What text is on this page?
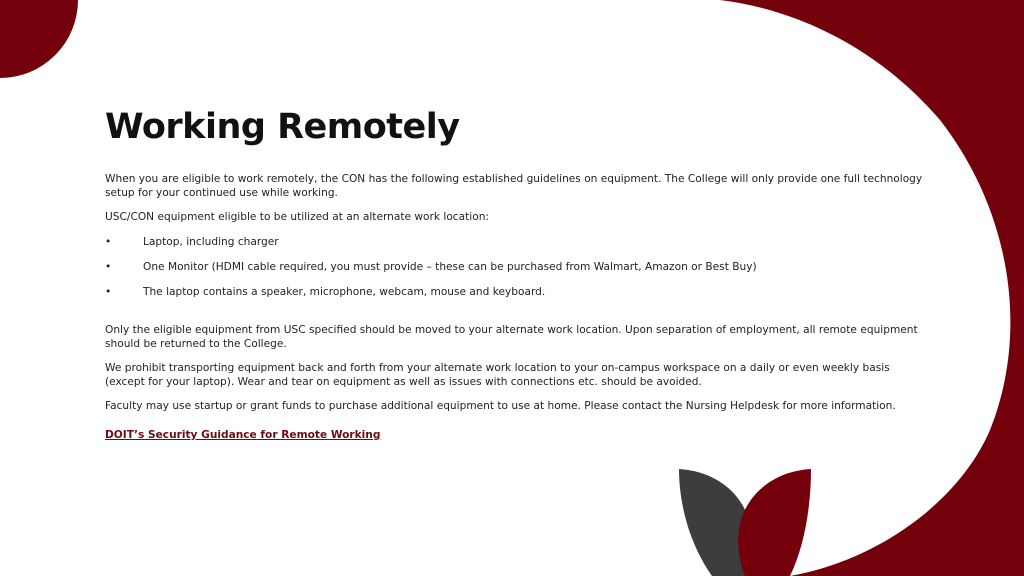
Working Remotely

When you are eligible to work remotely, the CON has the following established guidelines on equipment. The College will only provide one full technology setup for your continued use while working.

USC/CON equipment eligible to be utilized at an alternate work location:

•	Laptop, including charger
•	One Monitor (HDMI cable required, you must provide – these can be purchased from Walmart, Amazon or Best Buy)
•	The laptop contains a speaker, microphone, webcam, mouse and keyboard.

Only the eligible equipment from USC specified should be moved to your alternate work location. Upon separation of employment, all remote equipment should be returned to the College.

We prohibit transporting equipment back and forth from your alternate work location to your on-campus workspace on a daily or even weekly basis (except for your laptop). Wear and tear on equipment as well as issues with connections etc. should be avoided.

Faculty may use startup or grant funds to purchase additional equipment to use at home. Please contact the Nursing Helpdesk for more information.

DOIT’s Security Guidance for Remote Working
